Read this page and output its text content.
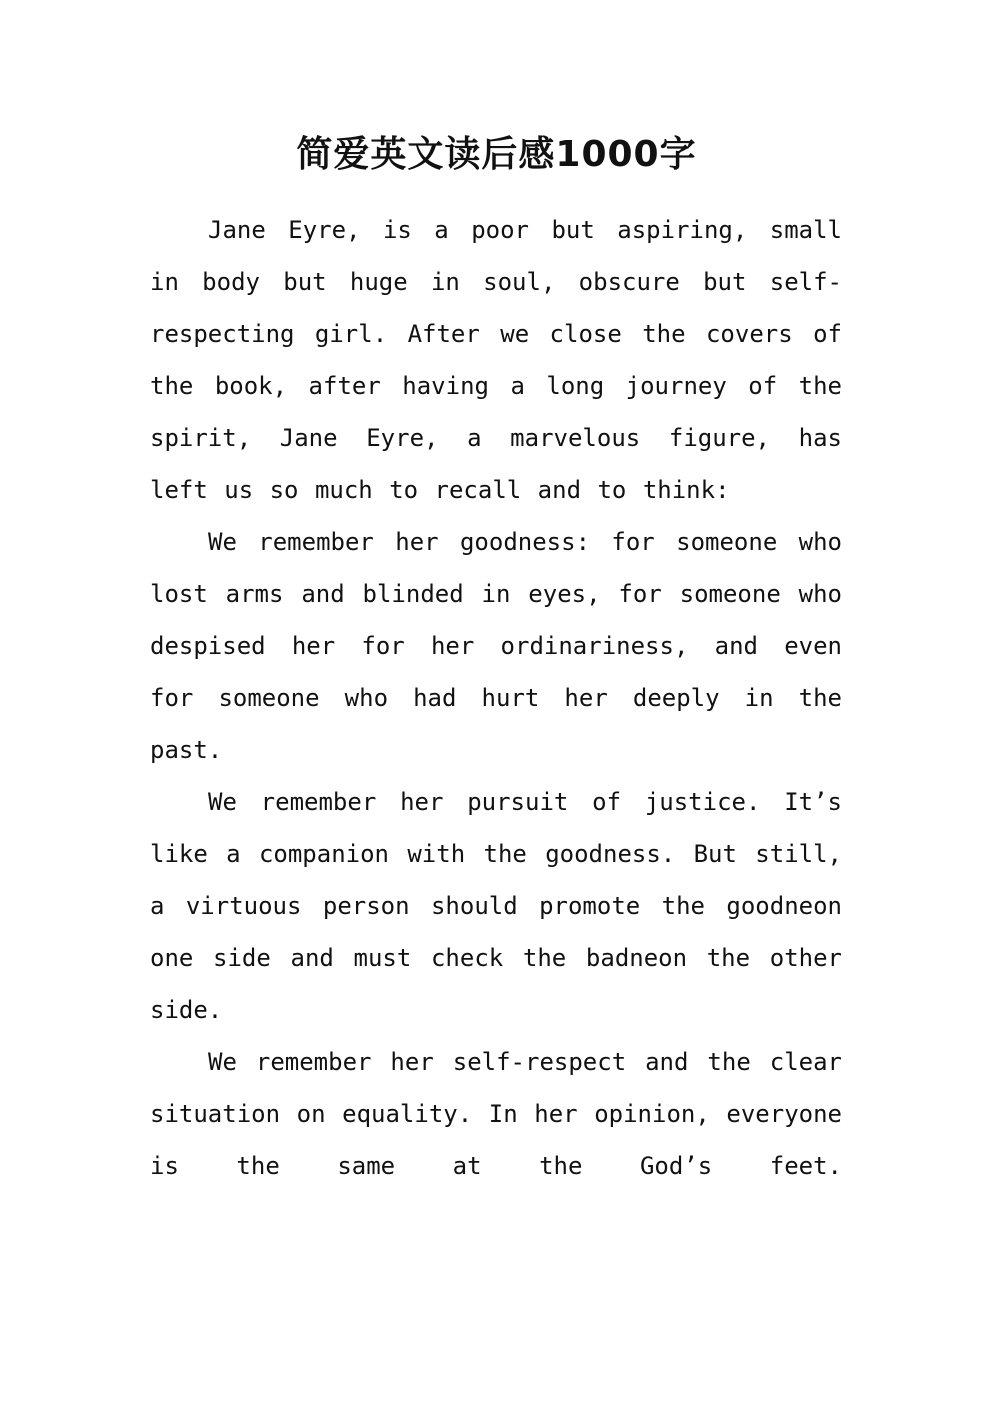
简爱英文读后感1000字

Jane Eyre, is a poor but aspiring, small in body but huge in soul, obscure but self-respecting girl. After we close the covers of the book, after having a long journey of the spirit, Jane Eyre, a marvelous figure, has left us so much to recall and to think:

We remember her goodness: for someone who lost arms and blinded in eyes, for someone who despised her for her ordinariness, and even for someone who had hurt her deeply in the past.

We remember her pursuit of justice. It’s like a companion with the goodness. But still, a virtuous person should promote the goodneon one side and must check the badneon the other side.

We remember her self-respect and the clear situation on equality. In her opinion, everyone is the same at the God’s feet.
